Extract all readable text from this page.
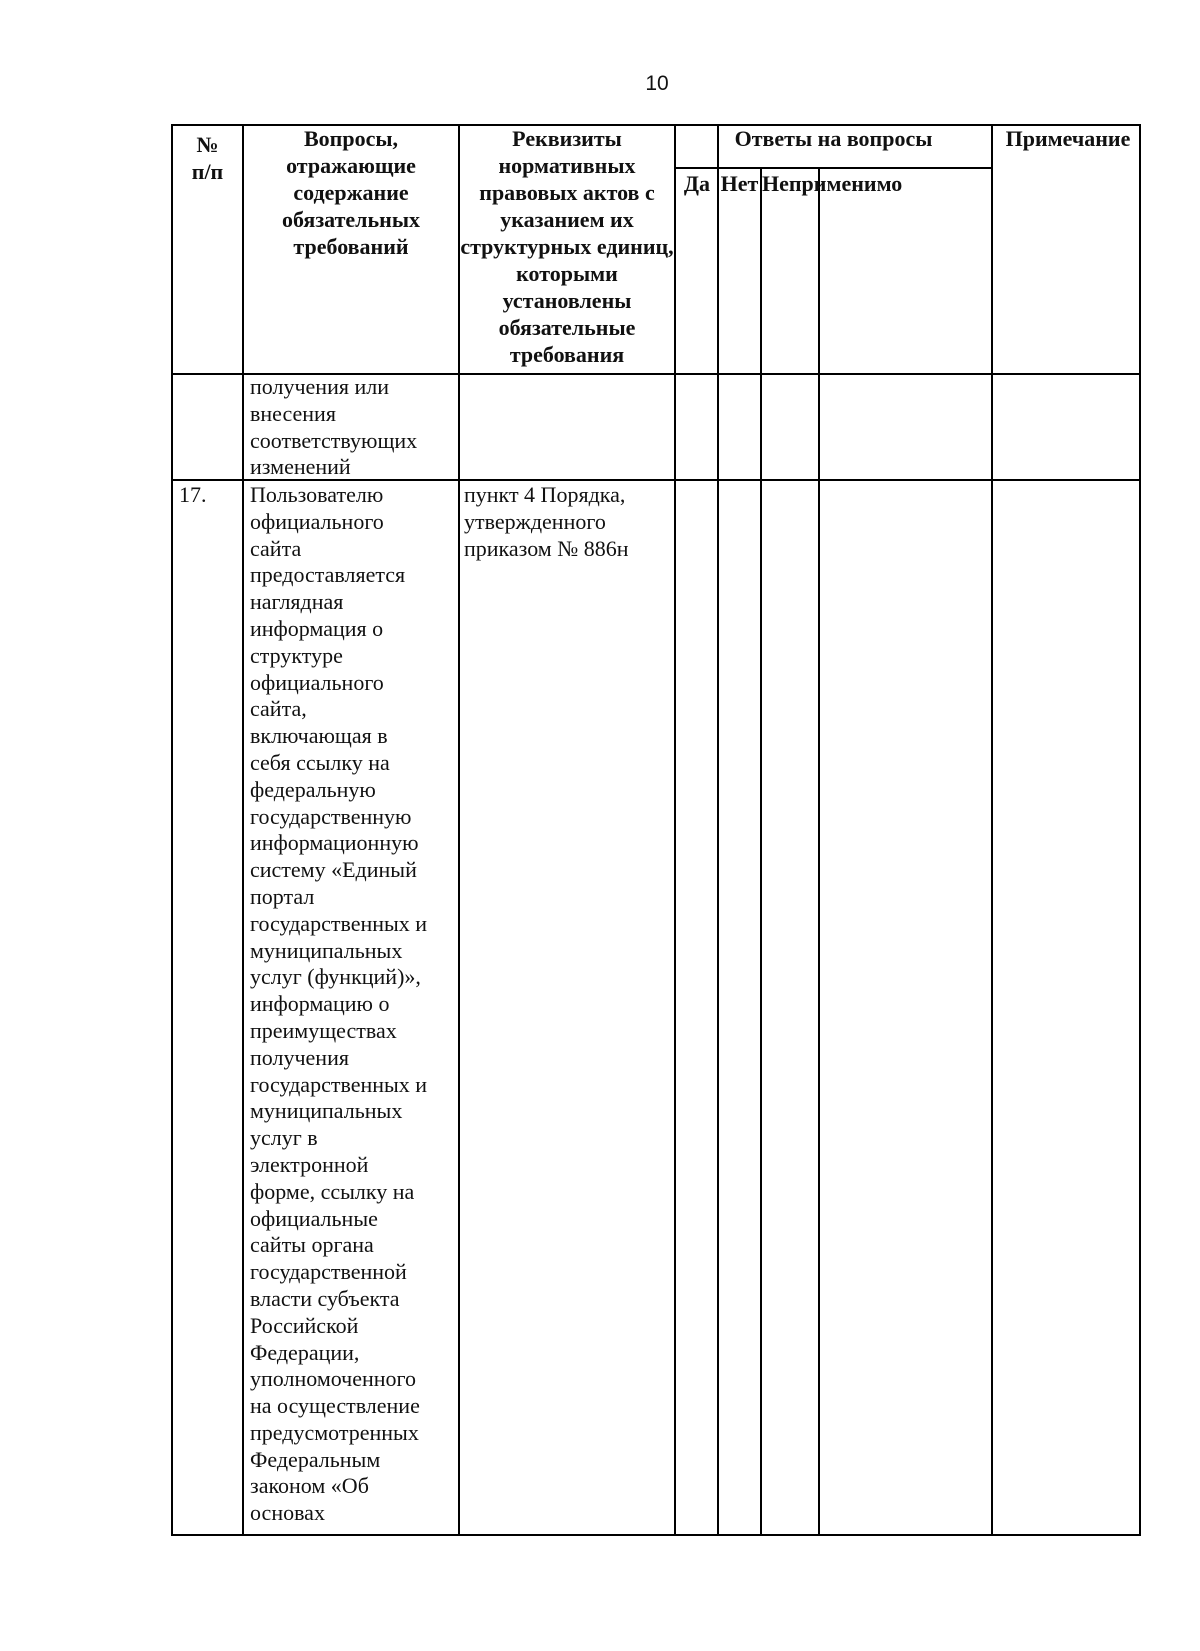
10
№
п/п
Вопросы,
отражающие
содержание
обязательных
требований
Реквизиты
нормативных
правовых актов с
указанием их
структурных единиц,
которыми
установлены
обязательные
требования
Ответы на вопросы
Да Нет Неприменимо
Примечание
получения или
внесения
соответствующих
изменений
17.	Пользователю
официального
сайта
предоставляется
наглядная
информация о
структуре
официального
сайта,
включающая в
себя ссылку на
федеральную
государственную
информационную
систему «Единый
портал
государственных и
муниципальных
услуг (функций)»,
информацию о
преимуществах
получения
государственных и
муниципальных
услуг в
электронной
форме, ссылку на
официальные
сайты органа
государственной
власти субъекта
Российской
Федерации,
уполномоченного
на осуществление
предусмотренных
Федеральным
законом «Об
основах
пункт 4 Порядка,
утвержденного
приказом № 886н
